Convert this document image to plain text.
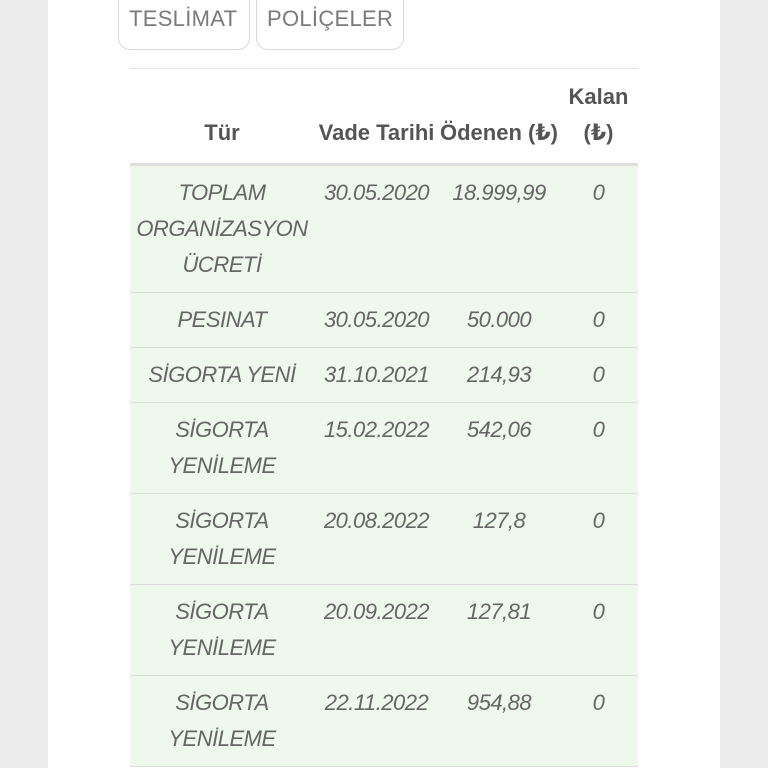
TESLİMAT POLİÇELER
Tür	Vade Tarihi	Ödenen (₺)	Kalan (₺)
TOPLAM ORGANİZASYON ÜCRETİ	30.05.2020	18.999,99	0
PESINAT	30.05.2020	50.000	0
SİGORTA YENİ	31.10.2021	214,93	0
SİGORTA YENİLEME	15.02.2022	542,06	0
SİGORTA YENİLEME	20.08.2022	127,8	0
SİGORTA YENİLEME	20.09.2022	127,81	0
SİGORTA YENİLEME	22.11.2022	954,88	0
